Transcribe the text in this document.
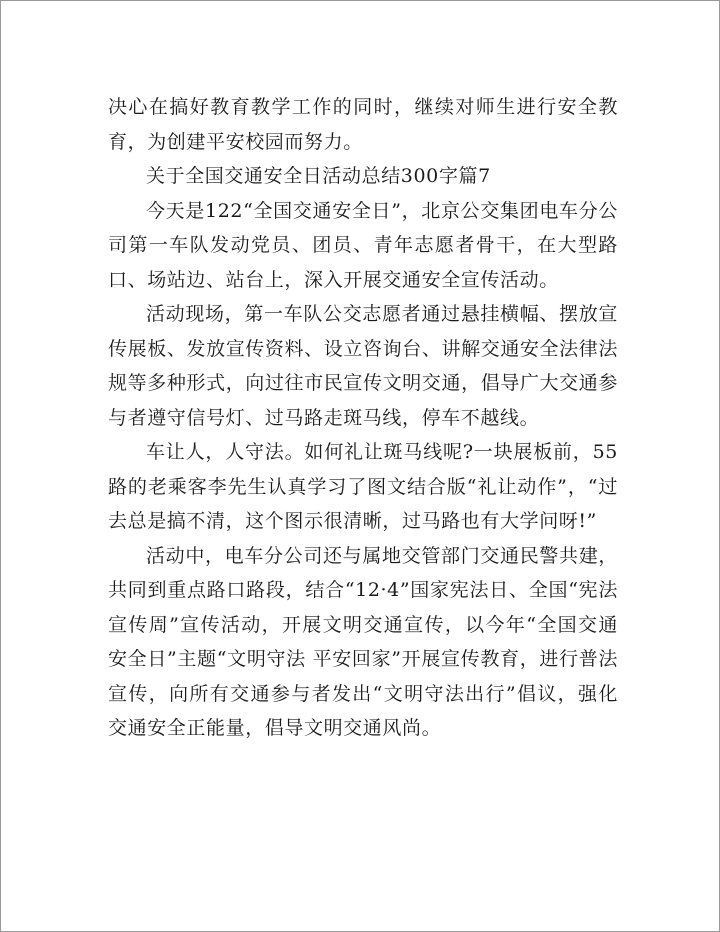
决心在搞好教育教学工作的同时，继续对师生进行安全教育，为创建平安校园而努力。

关于全国交通安全日活动总结300字篇7

今天是122“全国交通安全日”，北京公交集团电车分公司第一车队发动党员、团员、青年志愿者骨干，在大型路口、场站边、站台上，深入开展交通安全宣传活动。

活动现场，第一车队公交志愿者通过悬挂横幅、摆放宣传展板、发放宣传资料、设立咨询台、讲解交通安全法律法规等多种形式，向过往市民宣传文明交通，倡导广大交通参与者遵守信号灯、过马路走斑马线，停车不越线。

车让人，人守法。如何礼让斑马线呢?一块展板前，55路的老乘客李先生认真学习了图文结合版“礼让动作”，“过去总是搞不清，这个图示很清晰，过马路也有大学问呀!”

活动中，电车分公司还与属地交管部门交通民警共建，共同到重点路口路段，结合“12·4”国家宪法日、全国“宪法宣传周”宣传活动，开展文明交通宣传，以今年“全国交通安全日”主题“文明守法 平安回家”开展宣传教育，进行普法宣传，向所有交通参与者发出“文明守法出行”倡议，强化交通安全正能量，倡导文明交通风尚。
